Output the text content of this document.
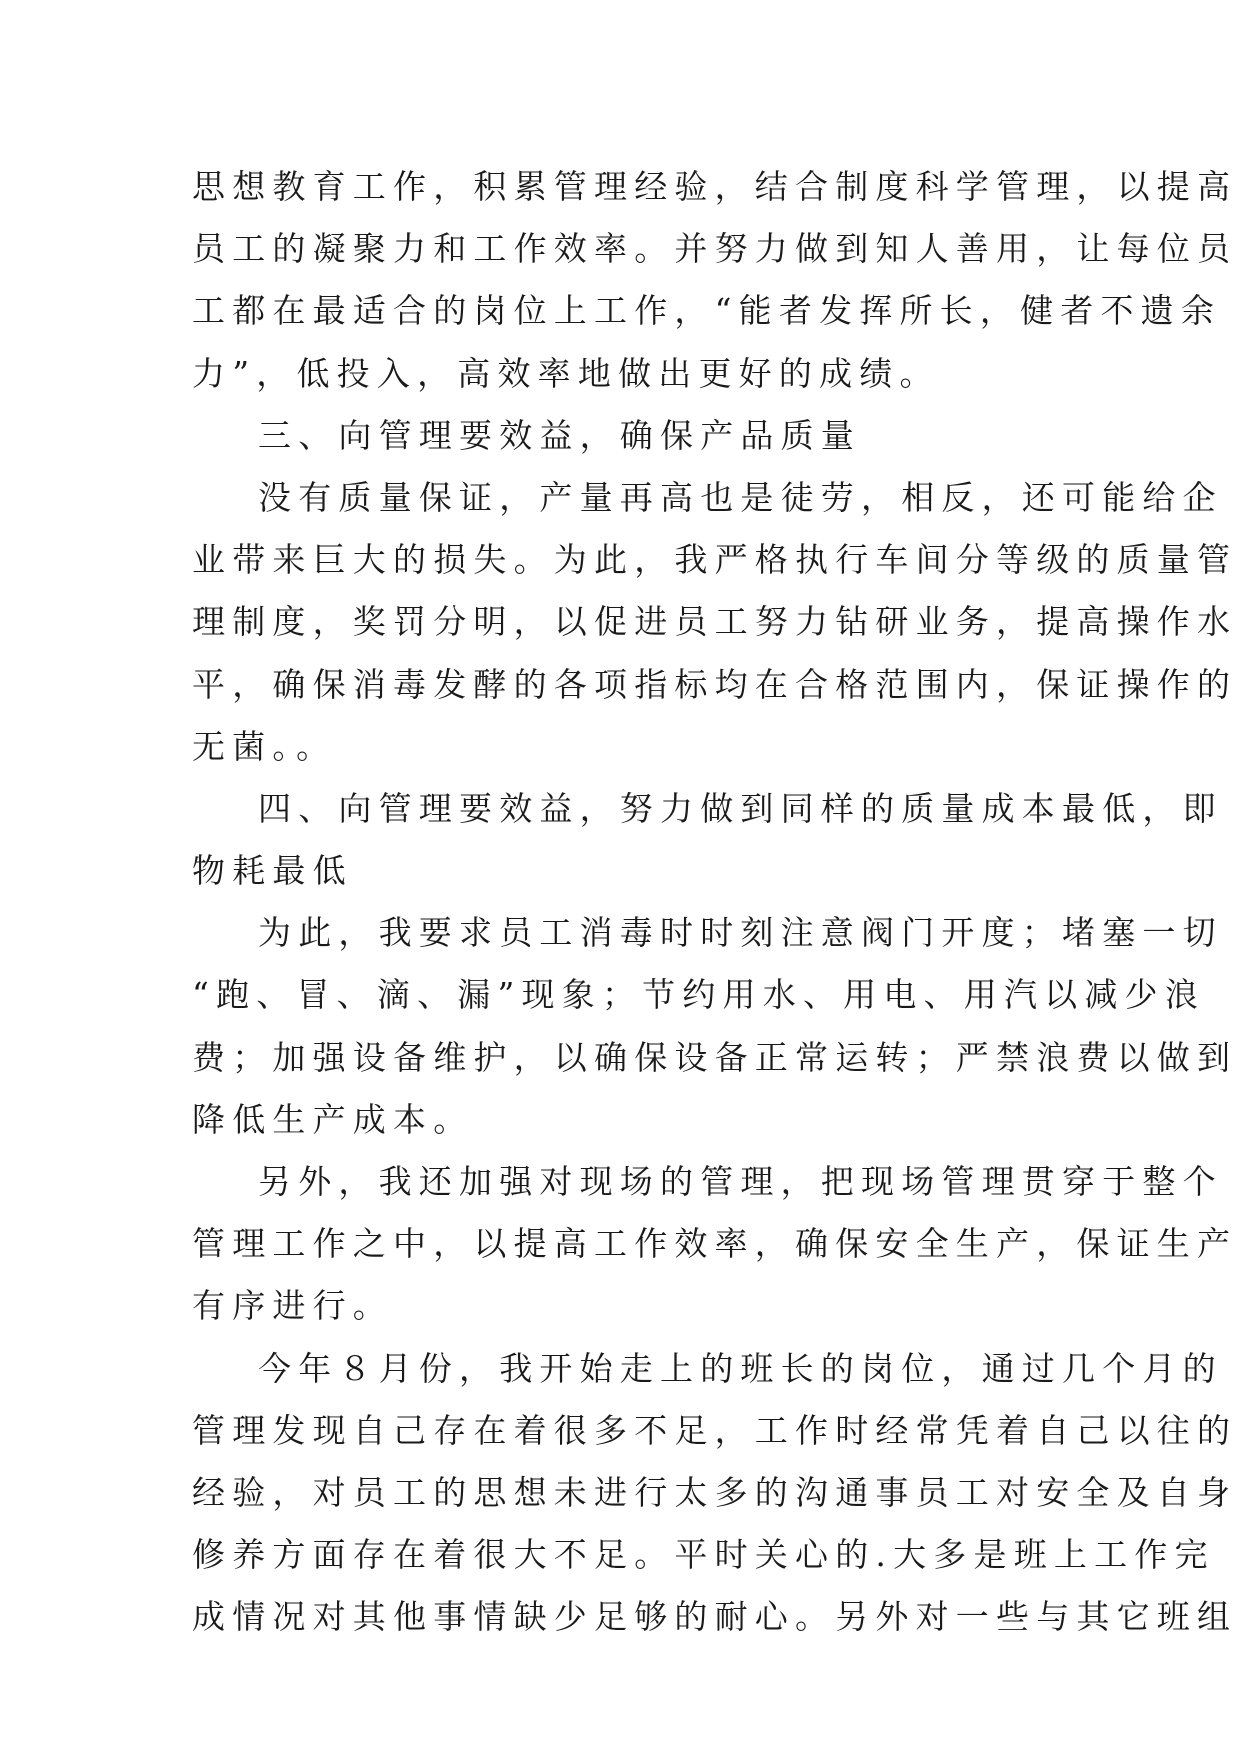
思想教育工作，积累管理经验，结合制度科学管理，以提高
员工的凝聚力和工作效率。并努力做到知人善用，让每位员
工都在最适合的岗位上工作，“能者发挥所长，健者不遗余
力”，低投入，高效率地做出更好的成绩。
三、向管理要效益，确保产品质量
没有质量保证，产量再高也是徒劳，相反，还可能给企
业带来巨大的损失。为此，我严格执行车间分等级的质量管
理制度，奖罚分明，以促进员工努力钻研业务，提高操作水
平，确保消毒发酵的各项指标均在合格范围内，保证操作的
无菌。。
四、向管理要效益，努力做到同样的质量成本最低，即
物耗最低
为此，我要求员工消毒时时刻注意阀门开度；堵塞一切
“跑、冒、滴、漏”现象；节约用水、用电、用汽以减少浪
费；加强设备维护，以确保设备正常运转；严禁浪费以做到
降低生产成本。
另外，我还加强对现场的管理，把现场管理贯穿于整个
管理工作之中，以提高工作效率，确保安全生产，保证生产
有序进行。
今年８月份，我开始走上的班长的岗位，通过几个月的
管理发现自己存在着很多不足，工作时经常凭着自己以往的
经验，对员工的思想未进行太多的沟通事员工对安全及自身
修养方面存在着很大不足。平时关心的.大多是班上工作完
成情况对其他事情缺少足够的耐心。另外对一些与其它班组
